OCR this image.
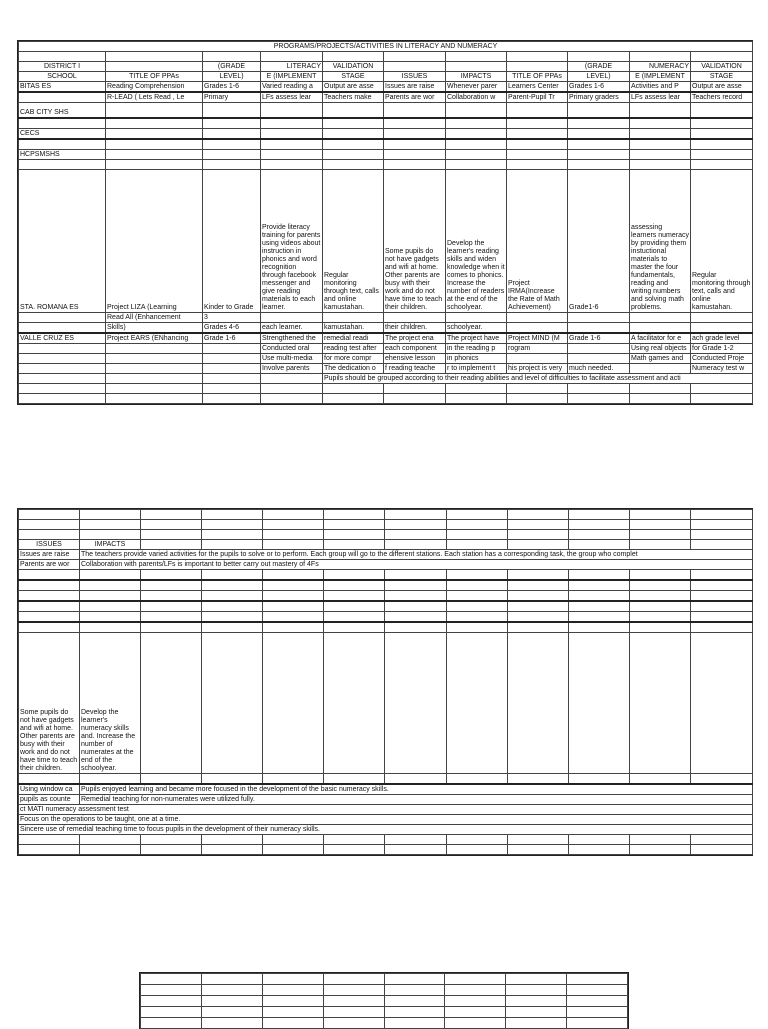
PROGRAMS/PROJECTS/ACTIVITIES IN LITERACY AND NUMERACY										

DISTRICT I		(GRADE	LITERACY	VALIDATION				(GRADE	NUMERACY	VALIDATION
SCHOOL	TITLE OF PPAs	LEVEL)	E (IMPLEMENT	STAGE	ISSUES	IMPACTS	TITLE OF PPAs	LEVEL)	E (IMPLEMENT	STAGE
BITAS ES	Reading Comprehension	Grades 1-6	Varied reading a	Output are asse	Issues are raise	Whenever parer	Learners Center	Grades 1-6	Activities and P	Output are asse
	R-LEAD ( Lets Read , Le	Primary	LFs assess lear	Teachers make	Parents are wor	Collaboration w	Parent-Pupil Tr	Primary graders	LFs assess lear	Teachers record
CAB CITY SHS										

CECS										

HCPSMSHS										

STA. ROMANA ES	Project LIZA (Learning	Kinder to Grade	Provide literacy training for parents using videos about instruction in phonics and word recognition through facebook messenger and give reading materials to each learner.	Regular monitoring through text, calls and online kamustahan.	Some pupils do not have gadgets and wifi at home. Other parents are busy with their work and do not have time to teach their children.	Develop the learner's reading skills and widen knowledge when it comes to phonics. Increase the number of readers at the end of the schoolyear.	Project IRMA(Increase the Rate of Math Achievement)	Grade1-6	assessing learners numeracy by providing them instuctional materials to master the four fundamentals, reading and writing numbers and solving math problems.	Regular monitoring through text, calls and online kamustahan.
	Read All (Enhancement	3								
	Skills)	Grades 4-6	each learner.	kamustahan.	their children.	schoolyear.				
VALLE CRUZ ES	Project EARS (ENhancing	Grade 1-6	Strengthened the	remedial readi	The project ena	The project have	Project MIND (M	Grade 1-6	A facilitator for e	ach grade level
			Conducted oral	reading test after	each component	in the reading p	rogram		Using real objects	for Grade 1-2
			Use multi-media	for more compr	ehensive lesson	in phonics			Math games and	Conducted Proje
			Involve parents	The dedication o	f reading teache	r to implement t	his project is very	much needed.		Numeracy test w
				Pupils should be grouped according to their reading abilities and level of difficulties to facilitate assessment and acti						

ISSUES	IMPACTS										
Issues are raise	The teachers provide varied activities for the pupils to solve or to perform. Each group will go to the different stations. Each station has a corresponding task, the group who complet										
Parents are wor	Collaboration with parents/LFs is important to better carry out mastery of 4Fs										

Some pupils do not have gadgets and wifi at home. Other parents are busy with their work and do not have time to teach their children.	Develop the learner's numeracy skills and. Increase the number of numerates at the end of the schoolyear.										

Using window ca	Pupils enjoyed learning and became more focused in the development of the basic numeracy skills.										
pupils as counte	Remedial teaching for non-numerates were utilized fully.										
ct MATI numeracy assessment test											
Focus on the operations to be taught, one at a time.											
Sincere use of remedial teaching time to focus pupils in the development of their numeracy skills.											
